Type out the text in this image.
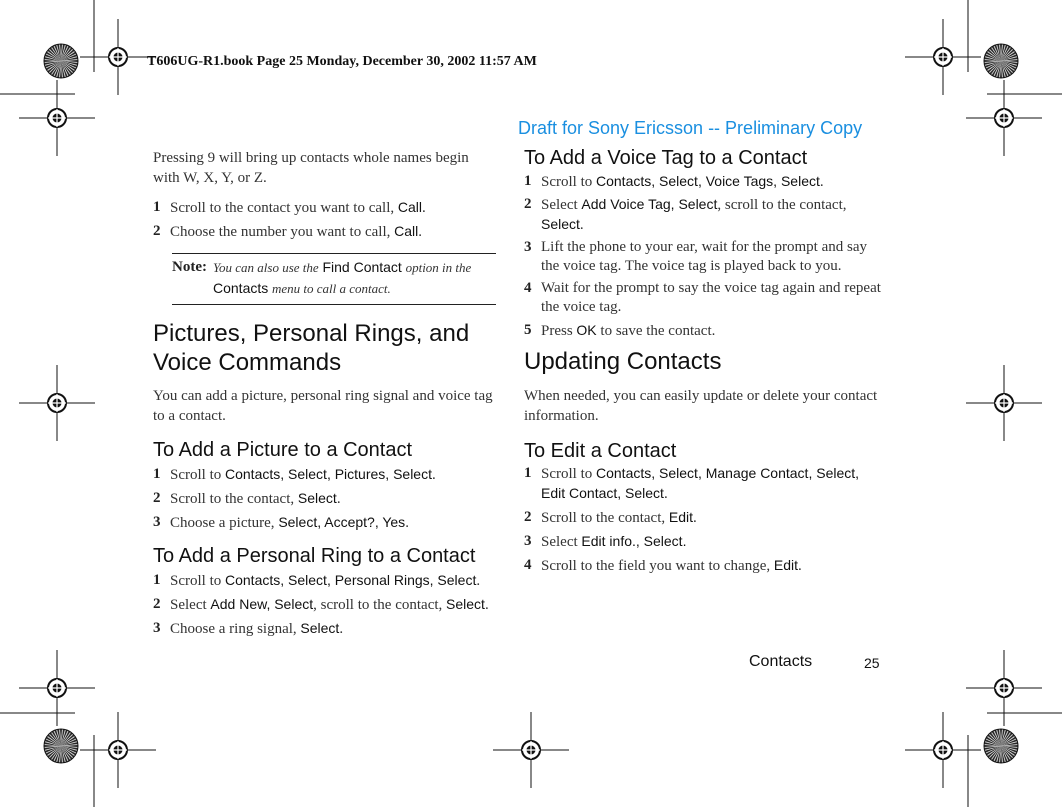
T606UG-R1.book Page 25 Monday, December 30, 2002 11:57 AM
Draft for Sony Ericsson -- Preliminary Copy

Pressing 9 will bring up contacts whole names begin with W, X, Y, or Z.

1 Scroll to the contact you want to call, Call.

2 Choose the number you want to call, Call.

Note: You can also use the Find Contact option in the Contacts menu to call a contact.
Pictures, Personal Rings, and Voice Commands

You can add a picture, personal ring signal and voice tag to a contact.

To Add a Picture to a Contact

1 Scroll to Contacts, Select, Pictures, Select.

2 Scroll to the contact, Select.

3 Choose a picture, Select, Accept?, Yes.

To Add a Personal Ring to a Contact

1 Scroll to Contacts, Select, Personal Rings, Select.

2 Select Add New, Select, scroll to the contact, Select.

3 Choose a ring signal, Select.

To Add a Voice Tag to a Contact

1 Scroll to Contacts, Select, Voice Tags, Select.

2 Select Add Voice Tag, Select, scroll to the contact, Select.

3 Lift the phone to your ear, wait for the prompt and say the voice tag. The voice tag is played back to you.

4 Wait for the prompt to say the voice tag again and repeat the voice tag.

5 Press OK to save the contact.

Updating Contacts

When needed, you can easily update or delete your contact information.

To Edit a Contact

1 Scroll to Contacts, Select, Manage Contact, Select, Edit Contact, Select.

2 Scroll to the contact, Edit.

3 Select Edit info., Select.

4 Scroll to the field you want to change, Edit.

Contacts	25
